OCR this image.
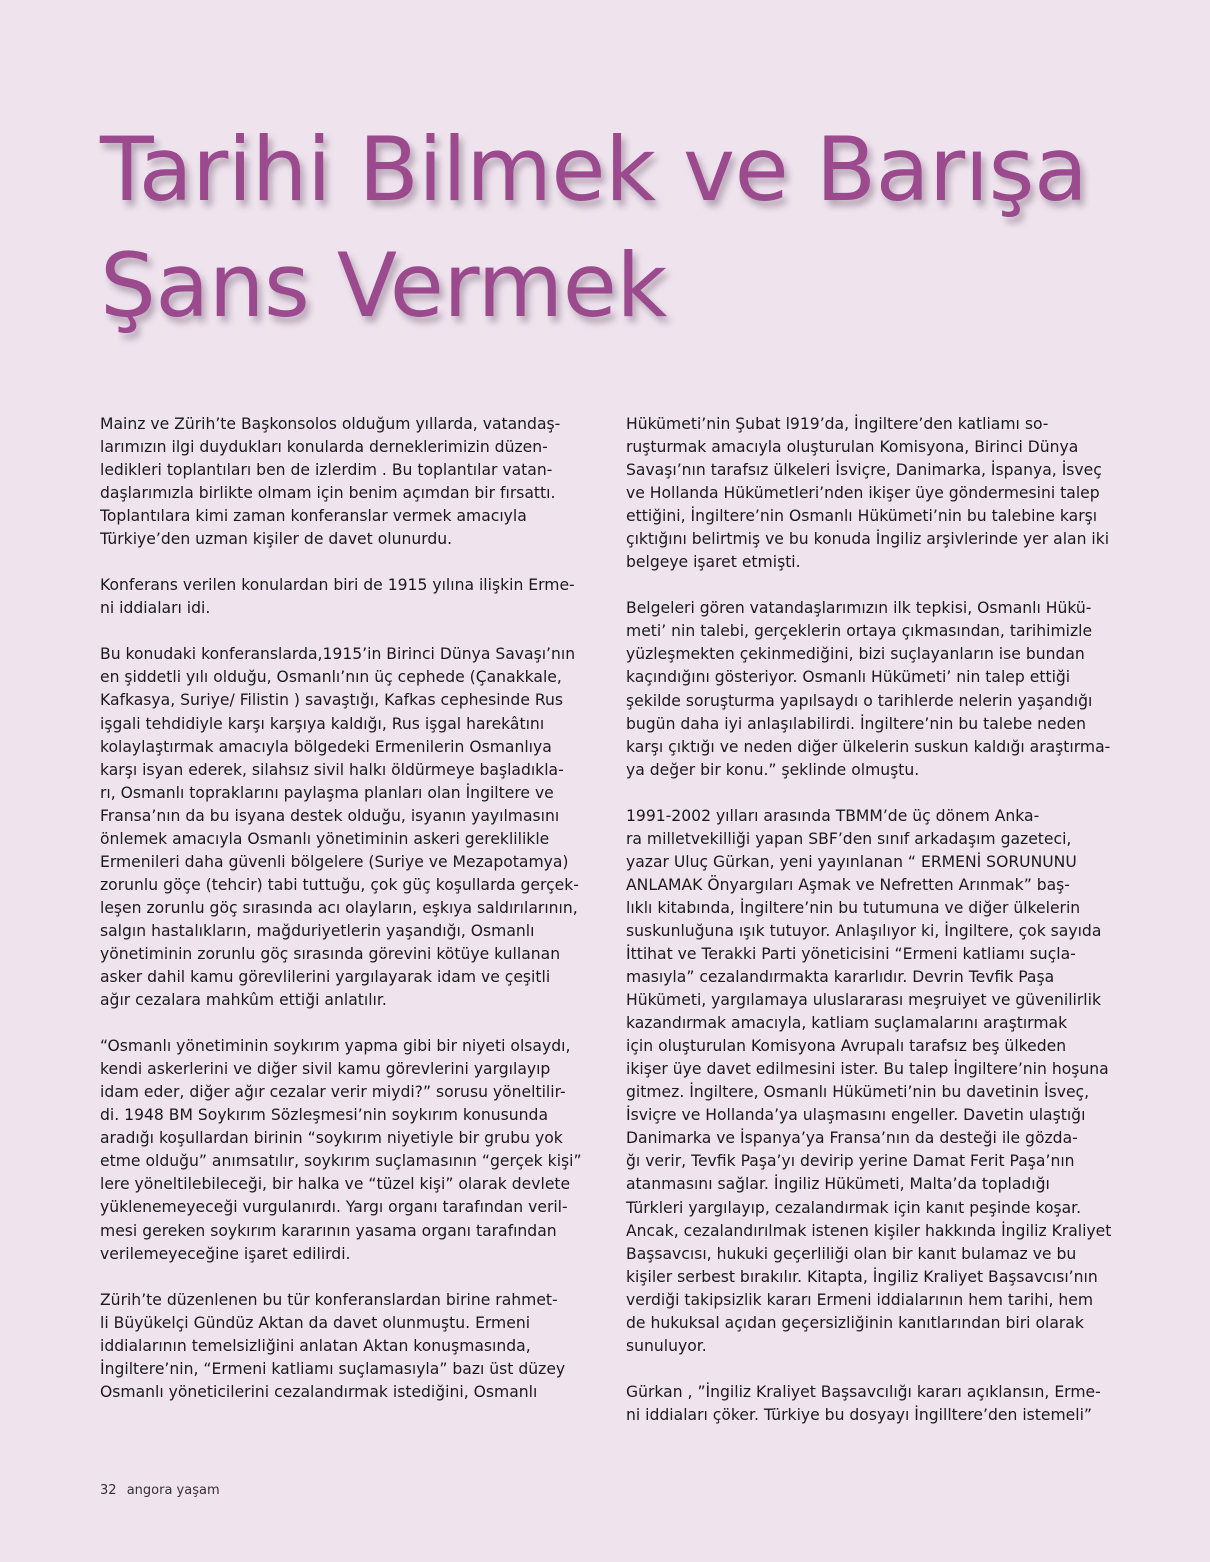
Tarihi Bilmek ve Barışa
Şans Vermek

Mainz ve Zürih’te Başkonsolos olduğum yıllarda, vatandaş-
larımızın ilgi duydukları konularda derneklerimizin düzen-
ledikleri toplantıları ben de izlerdim . Bu toplantılar vatan-
daşlarımızla birlikte olmam için benim açımdan bir fırsattı.
Toplantılara kimi zaman konferanslar vermek amacıyla
Türkiye’den uzman kişiler de davet olunurdu.

Konferans verilen konulardan biri de 1915 yılına ilişkin Erme-
ni iddiaları idi.

Bu konudaki konferanslarda,1915’in Birinci Dünya Savaşı’nın
en şiddetli yılı olduğu, Osmanlı’nın üç cephede (Çanakkale,
Kafkasya, Suriye/ Filistin ) savaştığı, Kafkas cephesinde Rus
işgali tehdidiyle karşı karşıya kaldığı, Rus işgal harekâtını
kolaylaştırmak amacıyla bölgedeki Ermenilerin Osmanlıya
karşı isyan ederek, silahsız sivil halkı öldürmeye başladıkla-
rı, Osmanlı topraklarını paylaşma planları olan İngiltere ve
Fransa’nın da bu isyana destek olduğu, isyanın yayılmasını
önlemek amacıyla Osmanlı yönetiminin askeri gereklilikle
Ermenileri daha güvenli bölgelere (Suriye ve Mezapotamya)
zorunlu göçe (tehcir) tabi tuttuğu, çok güç koşullarda gerçek-
leşen zorunlu göç sırasında acı olayların, eşkıya saldırılarının,
salgın hastalıkların, mağduriyetlerin yaşandığı, Osmanlı
yönetiminin zorunlu göç sırasında görevini kötüye kullanan
asker dahil kamu görevlilerini yargılayarak idam ve çeşitli
ağır cezalara mahkûm ettiği anlatılır.

“Osmanlı yönetiminin soykırım yapma gibi bir niyeti olsaydı,
kendi askerlerini ve diğer sivil kamu görevlerini yargılayıp
idam eder, diğer ağır cezalar verir miydi?” sorusu yöneltilir-
di. 1948 BM Soykırım Sözleşmesi’nin soykırım konusunda
aradığı koşullardan birinin “soykırım niyetiyle bir grubu yok
etme olduğu” anımsatılır, soykırım suçlamasının “gerçek kişi”
lere yöneltilebileceği, bir halka ve “tüzel kişi” olarak devlete
yüklenemeyeceği vurgulanırdı. Yargı organı tarafından veril-
mesi gereken soykırım kararının yasama organı tarafından
verilemeyeceğine işaret edilirdi.

Zürih’te düzenlenen bu tür konferanslardan birine rahmet-
li Büyükelçi Gündüz Aktan da davet olunmuştu. Ermeni
iddialarının temelsizliğini anlatan Aktan konuşmasında,
İngiltere’nin, “Ermeni katliamı suçlamasıyla” bazı üst düzey
Osmanlı yöneticilerini cezalandırmak istediğini, Osmanlı

Hükümeti’nin Şubat l919’da, İngiltere’den katliamı so-
ruşturmak amacıyla oluşturulan Komisyona, Birinci Dünya
Savaşı’nın tarafsız ülkeleri İsviçre, Danimarka, İspanya, İsveç
ve Hollanda Hükümetleri’nden ikişer üye göndermesini talep
ettiğini, İngiltere’nin Osmanlı Hükümeti’nin bu talebine karşı
çıktığını belirtmiş ve bu konuda İngiliz arşivlerinde yer alan iki
belgeye işaret etmişti.

Belgeleri gören vatandaşlarımızın ilk tepkisi, Osmanlı Hükü-
meti’ nin talebi, gerçeklerin ortaya çıkmasından, tarihimizle
yüzleşmekten çekinmediğini, bizi suçlayanların ise bundan
kaçındığını gösteriyor. Osmanlı Hükümeti’ nin talep ettiği
şekilde soruşturma yapılsaydı o tarihlerde nelerin yaşandığı
bugün daha iyi anlaşılabilirdi. İngiltere’nin bu talebe neden
karşı çıktığı ve neden diğer ülkelerin suskun kaldığı araştırma-
ya değer bir konu.” şeklinde olmuştu.

1991-2002 yılları arasında TBMM’de üç dönem Anka-
ra milletvekilliği yapan SBF’den sınıf arkadaşım gazeteci,
yazar Uluç Gürkan, yeni yayınlanan “ ERMENİ SORUNUNU
ANLAMAK Önyargıları Aşmak ve Nefretten Arınmak” baş-
lıklı kitabında, İngiltere’nin bu tutumuna ve diğer ülkelerin
suskunluğuna ışık tutuyor. Anlaşılıyor ki, İngiltere, çok sayıda
İttihat ve Terakki Parti yöneticisini “Ermeni katliamı suçla-
masıyla” cezalandırmakta kararlıdır. Devrin Tevfik Paşa
Hükümeti, yargılamaya uluslararası meşruiyet ve güvenilirlik
kazandırmak amacıyla, katliam suçlamalarını araştırmak
için oluşturulan Komisyona Avrupalı tarafsız beş ülkeden
ikişer üye davet edilmesini ister. Bu talep İngiltere’nin hoşuna
gitmez. İngiltere, Osmanlı Hükümeti’nin bu davetinin İsveç,
İsviçre ve Hollanda’ya ulaşmasını engeller. Davetin ulaştığı
Danimarka ve İspanya’ya Fransa’nın da desteği ile gözda-
ğı verir, Tevfik Paşa’yı devirip yerine Damat Ferit Paşa’nın
atanmasını sağlar. İngiliz Hükümeti, Malta’da topladığı
Türkleri yargılayıp, cezalandırmak için kanıt peşinde koşar.
Ancak, cezalandırılmak istenen kişiler hakkında İngiliz Kraliyet
Başsavcısı, hukuki geçerliliği olan bir kanıt bulamaz ve bu
kişiler serbest bırakılır. Kitapta, İngiliz Kraliyet Başsavcısı’nın
verdiği takipsizlik kararı Ermeni iddialarının hem tarihi, hem
de hukuksal açıdan geçersizliğinin kanıtlarından biri olarak
sunuluyor.

Gürkan , ”İngiliz Kraliyet Başsavcılığı kararı açıklansın, Erme-
ni iddiaları çöker. Türkiye bu dosyayı İngilltere’den istemeli”

32 angora yaşam
